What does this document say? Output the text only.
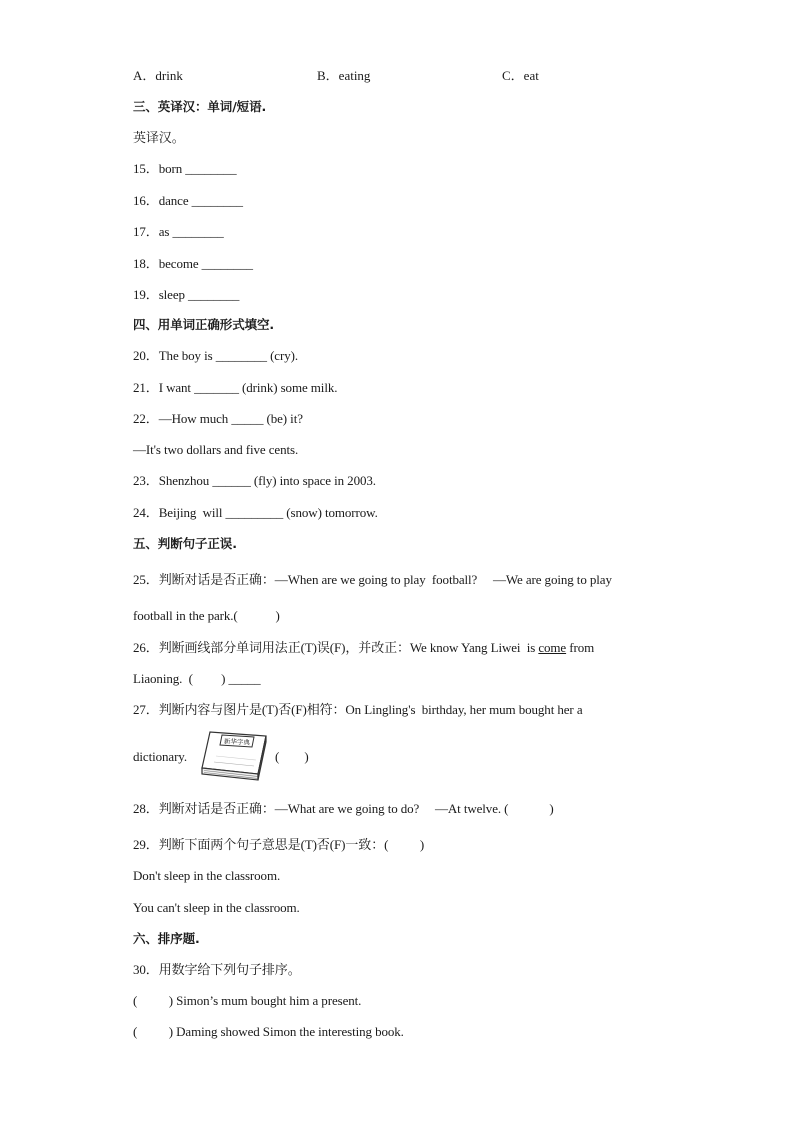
A．drink	B．eating	C．eat
三、英译汉：单词/短语.
英译汉。
15．born ________
16．dance ________
17．as ________
18．become ________
19．sleep ________
四、用单词正确形式填空.
20．The boy is ________ (cry).
21．I want _______ (drink) some milk.
22．—How much _____ (be) it?
—It's two dollars and five cents.
23．Shenzhou ______ (fly) into space in 2003.
24．Beijing  will _________ (snow) tomorrow.
五、判断句子正误.
25．判断对话是否正确：—When are we going to play  football?     —We are going to play
football in the park.(            )
26．判断画线部分单词用法正(T)误(F)，并改正：We know Yang Liwei  is come from
Liaoning.  (         ) _____
27．判断内容与图片是(T)否(F)相符：On Lingling's  birthday, her mum bought her a
dictionary.
新华字典
(        )
28．判断对话是否正确：—What are we going to do?     —At twelve. (             )
29．判断下面两个句子意思是(T)否(F)一致：(          )
Don't sleep in the classroom.
You can't sleep in the classroom.
六、排序题.
30．用数字给下列句子排序。
(          ) Simon’s mum bought him a present.
(          ) Daming showed Simon the interesting book.
